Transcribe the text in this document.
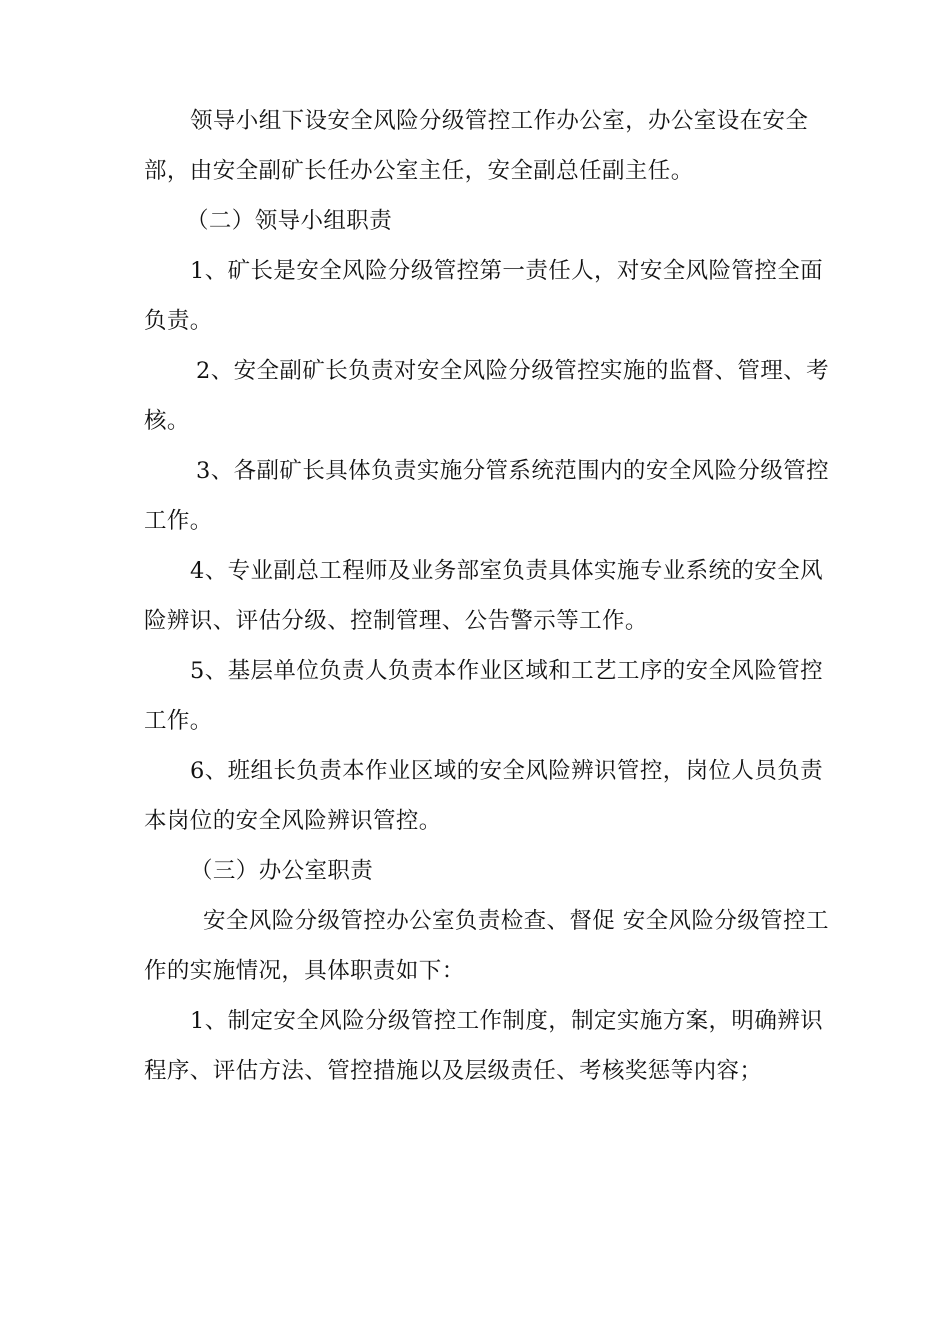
领导小组下设安全风险分级管控工作办公室，办公室设在安全
部，由安全副矿长任办公室主任，安全副总任副主任。
（二）领导小组职责
1、矿长是安全风险分级管控第一责任人，对安全风险管控全面
负责。
2、安全副矿长负责对安全风险分级管控实施的监督、管理、考
核。
3、各副矿长具体负责实施分管系统范围内的安全风险分级管控
工作。
4、专业副总工程师及业务部室负责具体实施专业系统的安全风
险辨识、评估分级、控制管理、公告警示等工作。
5、基层单位负责人负责本作业区域和工艺工序的安全风险管控
工作。
6、班组长负责本作业区域的安全风险辨识管控，岗位人员负责
本岗位的安全风险辨识管控。
（三）办公室职责
安全风险分级管控办公室负责检查、督促 安全风险分级管控工
作的实施情况，具体职责如下：
1、制定安全风险分级管控工作制度，制定实施方案，明确辨识
程序、评估方法、管控措施以及层级责任、考核奖惩等内容；
